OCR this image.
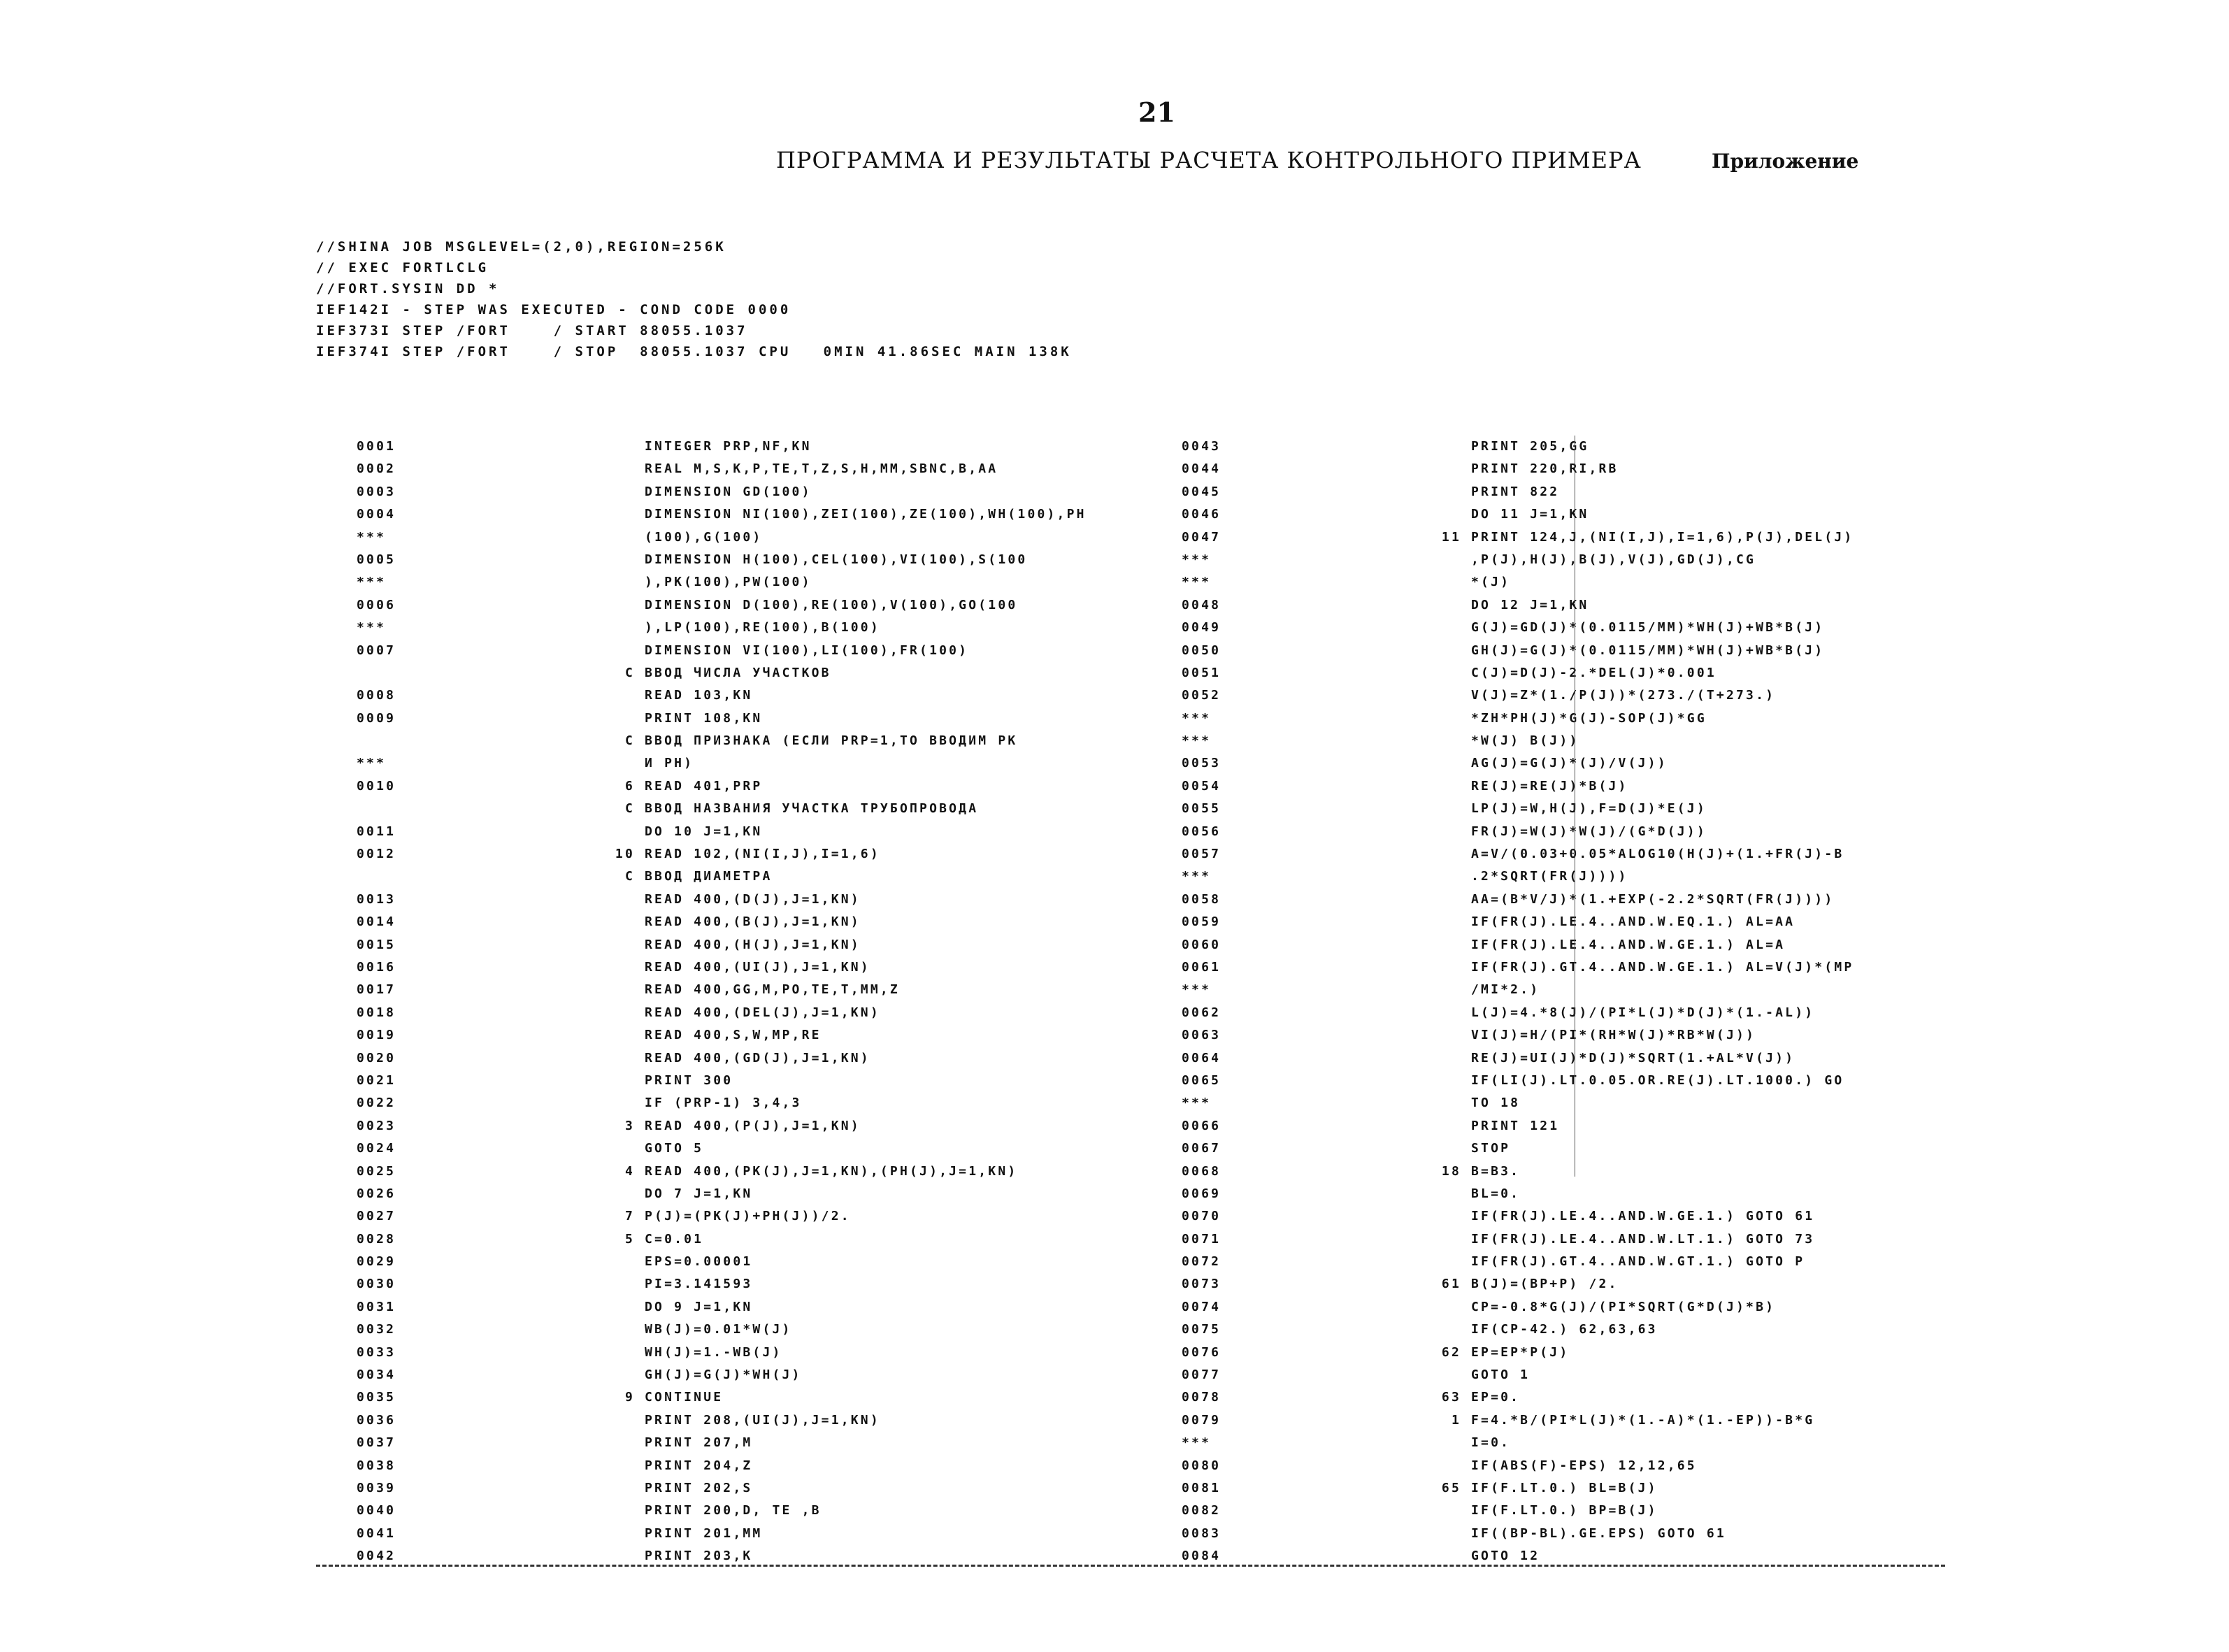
21
ПРОГРАММА И РЕЗУЛЬТАТЫ РАСЧЕТА КОНТРОЛЬНОГО ПРИМЕРА	Приложение
//SHINA JOB MSGLEVEL=(2,0),REGION=256K
// EXEC FORTLCLG
//FORT.SYSIN DD *
IEF142I - STEP WAS EXECUTED - COND CODE 0000
IEF373I STEP /FORT    / START 88055.1037
IEF374I STEP /FORT    / STOP  88055.1037 CPU   0MIN 41.86SEC MAIN 138K
0001	INTEGER PRP,NF,KN
0002	REAL M,S,K,P,TE,T,Z,S,H,MM,SBNC,B,AA
0003	DIMENSION GD(100)
0004	DIMENSION NI(100),ZEI(100),ZE(100),WH(100),PH
***	(100),G(100)
0005	DIMENSION H(100),CEL(100),VI(100),S(100
***	),PK(100),PW(100)
0006	DIMENSION D(100),RE(100),V(100),GO(100
***	),LP(100),RE(100),B(100)
0007	DIMENSION VI(100),LI(100),FR(100)
C ВВОД ЧИСЛА УЧАСТКОВ
0008	READ 103,KN
0009	PRINT 108,KN
C ВВОД ПРИЗНАКА (ЕСЛИ PRP=1,ТО ВВОДИМ PK
***	И PH)
0010	6 READ 401,PRP
C ВВОД НАЗВАНИЯ УЧАСТКА ТРУБОПРОВОДА
0011	DO 10 J=1,KN
0012	10 READ 102,(NI(I,J),I=1,6)
C ВВОД ДИАМЕТРА
0013	READ 400,(D(J),J=1,KN)
0014	READ 400,(B(J),J=1,KN)
0015	READ 400,(H(J),J=1,KN)
0016	READ 400,(UI(J),J=1,KN)
0017	READ 400,GG,M,PO,TE,T,MM,Z
0018	READ 400,(DEL(J),J=1,KN)
0019	READ 400,S,W,MP,RE
0020	READ 400,(GD(J),J=1,KN)
0021	PRINT 300
0022	IF (PRP-1) 3,4,3
0023	3 READ 400,(P(J),J=1,KN)
0024	GOTO 5
0025	4 READ 400,(PK(J),J=1,KN),(PH(J),J=1,KN)
0026	DO 7 J=1,KN
0027	7 P(J)=(PK(J)+PH(J))/2.
0028	5 C=0.01
0029	EPS=0.00001
0030	PI=3.141593
0031	DO 9 J=1,KN
0032	WB(J)=0.01*W(J)
0033	WH(J)=1.-WB(J)
0034	GH(J)=G(J)*WH(J)
0035	9 CONTINUE
0036	PRINT 208,(UI(J),J=1,KN)
0037	PRINT 207,M
0038	PRINT 204,Z
0039	PRINT 202,S
0040	PRINT 200,D, TE ,B
0041	PRINT 201,MM
0042	PRINT 203,K
0043	PRINT 205,GG
0044	PRINT 220,RI,RB
0045	PRINT 822
0046	DO 11 J=1,KN
0047	11 PRINT 124,J,(NI(I,J),I=1,6),P(J),DEL(J)
***	,P(J),H(J),B(J),V(J),GD(J),CG
***	*(J)
0048	DO 12 J=1,KN
0049	G(J)=GD(J)*(0.0115/MM)*WH(J)+WB*B(J)
0050	GH(J)=G(J)*(0.0115/MM)*WH(J)+WB*B(J)
0051	C(J)=D(J)-2.*DEL(J)*0.001
0052	V(J)=Z*(1./P(J))*(273./(T+273.)
***	*ZH*PH(J)*G(J)-SOP(J)*GG
***	*W(J) B(J))
0053	AG(J)=G(J)*(J)/V(J))
0054	RE(J)=RE(J)*B(J)
0055	LP(J)=W,H(J),F=D(J)*E(J)
0056	FR(J)=W(J)*W(J)/(G*D(J))
0057	A=V/(0.03+0.05*ALOG10(H(J)+(1.+FR(J)-B
***	.2*SQRT(FR(J))))
0058	AA=(B*V/J)*(1.+EXP(-2.2*SQRT(FR(J))))
0059	IF(FR(J).LE.4..AND.W.EQ.1.) AL=AA
0060	IF(FR(J).LE.4..AND.W.GE.1.) AL=A
0061	IF(FR(J).GT.4..AND.W.GE.1.) AL=V(J)*(MP
***	/MI*2.)
0062	L(J)=4.*8(J)/(PI*L(J)*D(J)*(1.-AL))
0063	VI(J)=H/(PI*(RH*W(J)*RB*W(J))
0064	RE(J)=UI(J)*D(J)*SQRT(1.+AL*V(J))
0065	IF(LI(J).LT.0.05.OR.RE(J).LT.1000.) GO
***	TO 18
0066	PRINT 121
0067	STOP
0068	18 B=B3.
0069	BL=0.
0070	IF(FR(J).LE.4..AND.W.GE.1.) GOTO 61
0071	IF(FR(J).LE.4..AND.W.LT.1.) GOTO 73
0072	IF(FR(J).GT.4..AND.W.GT.1.) GOTO P
0073	61 B(J)=(BP+P) /2.
0074	CP=-0.8*G(J)/(PI*SQRT(G*D(J)*B)
0075	IF(CP-42.) 62,63,63
0076	62 EP=EP*P(J)
0077	GOTO 1
0078	63 EP=0.
0079	1 F=4.*B/(PI*L(J)*(1.-A)*(1.-EP))-B*G
***	I=0.
0080	IF(ABS(F)-EPS) 12,12,65
0081	65 IF(F.LT.0.) BL=B(J)
0082	IF(F.LT.0.) BP=B(J)
0083	IF((BP-BL).GE.EPS) GOTO 61
0084	GOTO 12
